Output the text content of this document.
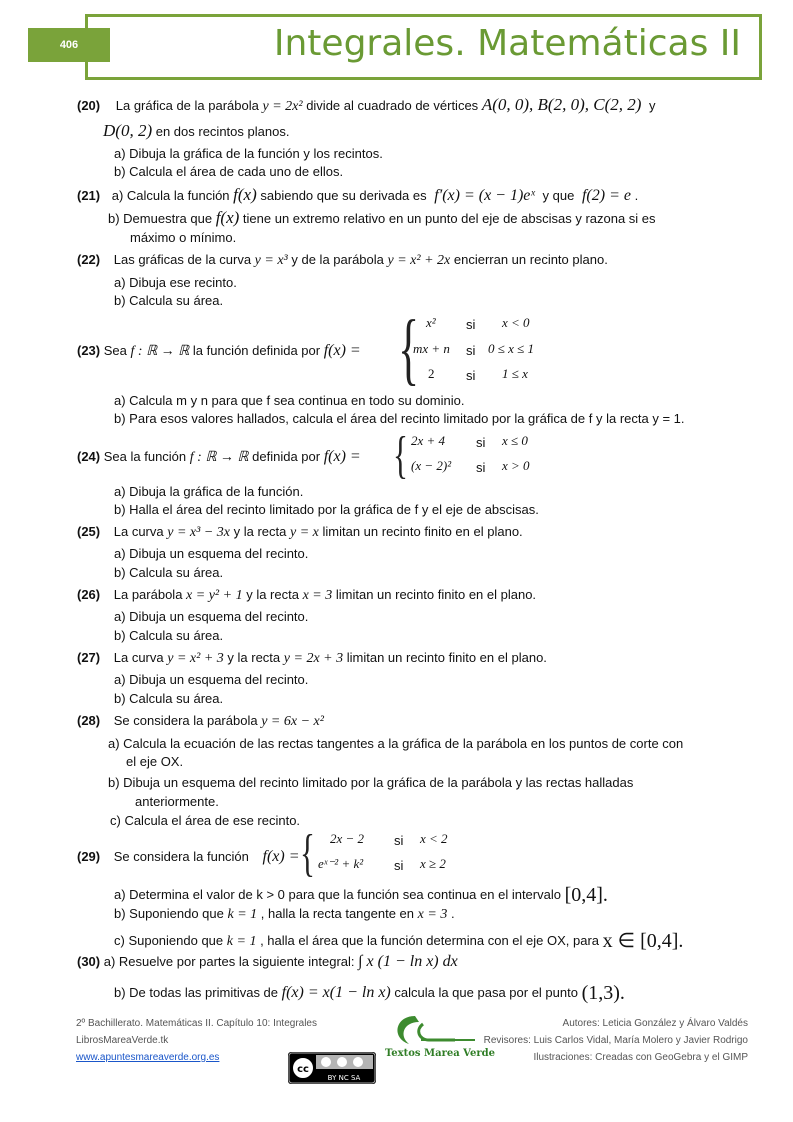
Integrales. Matemáticas II
406
(20) La gráfica de la parábola y = 2x² divide al cuadrado de vértices A(0, 0), B(2, 0), C(2, 2) y
D(0, 2) en dos recintos planos.
a) Dibuja la gráfica de la función y los recintos.
b) Calcula el área de cada uno de ellos.
(21) a) Calcula la función f(x) sabiendo que su derivada es f′(x) = (x − 1)eˣ y que f(2) = e .
b) Demuestra que f(x) tiene un extremo relativo en un punto del eje de abscisas y razona si es
máximo o mínimo.
(22) Las gráficas de la curva y = x³ y de la parábola y = x² + 2x encierran un recinto plano.
a) Dibuja ese recinto.
b) Calcula su área.
{ x² si x < 0
mx + n si 0 ≤ x ≤ 1
2 si 1 ≤ x
(23) Sea f : ℝ → ℝ la función definida por f(x) =
a) Calcula m y n para que f sea continua en todo su dominio.
b) Para esos valores hallados, calcula el área del recinto limitado por la gráfica de f y la recta y = 1.
{ 2x + 4 si x ≤ 0
(x − 2)² si x > 0
(24) Sea la función f : ℝ → ℝ definida por f(x) =
a) Dibuja la gráfica de la función.
b) Halla el área del recinto limitado por la gráfica de f y el eje de abscisas.
(25) La curva y = x³ − 3x y la recta y = x limitan un recinto finito en el plano.
a) Dibuja un esquema del recinto.
b) Calcula su área.
(26) La parábola x = y² + 1 y la recta x = 3 limitan un recinto finito en el plano.
a) Dibuja un esquema del recinto.
b) Calcula su área.
(27) La curva y = x² + 3 y la recta y = 2x + 3 limitan un recinto finito en el plano.
a) Dibuja un esquema del recinto.
b) Calcula su área.
(28) Se considera la parábola y = 6x − x²
a) Calcula la ecuación de las rectas tangentes a la gráfica de la parábola en los puntos de corte con
el eje OX.
b) Dibuja un esquema del recinto limitado por la gráfica de la parábola y las rectas halladas
anteriormente.
c) Calcula el área de ese recinto.
{ 2x − 2 si x < 2
eˣ⁻² + k² si x ≥ 2
(29) Se considera la función f(x) =
a) Determina el valor de k > 0 para que la función sea continua en el intervalo [0,4].
b) Suponiendo que k = 1 , halla la recta tangente en x = 3 .
c) Suponiendo que k = 1 , halla el área que la función determina con el eje OX, para x ∈ [0,4].
(30) a) Resuelve por partes la siguiente integral: ∫ x (1 − ln x) dx
b) De todas las primitivas de f(x) = x(1 − ln x) calcula la que pasa por el punto (1,3).
2º Bachillerato. Matemáticas II. Capítulo 10: Integrales
LibrosMareaVerde.tk
www.apuntesmareaverde.org.es
Autores: Leticia González y Álvaro Valdés
Revisores: Luis Carlos Vidal, María Molero y Javier Rodrigo
Ilustraciones: Creadas con GeoGebra y el GIMP
Textos Marea Verde
cc
BY NC SA
